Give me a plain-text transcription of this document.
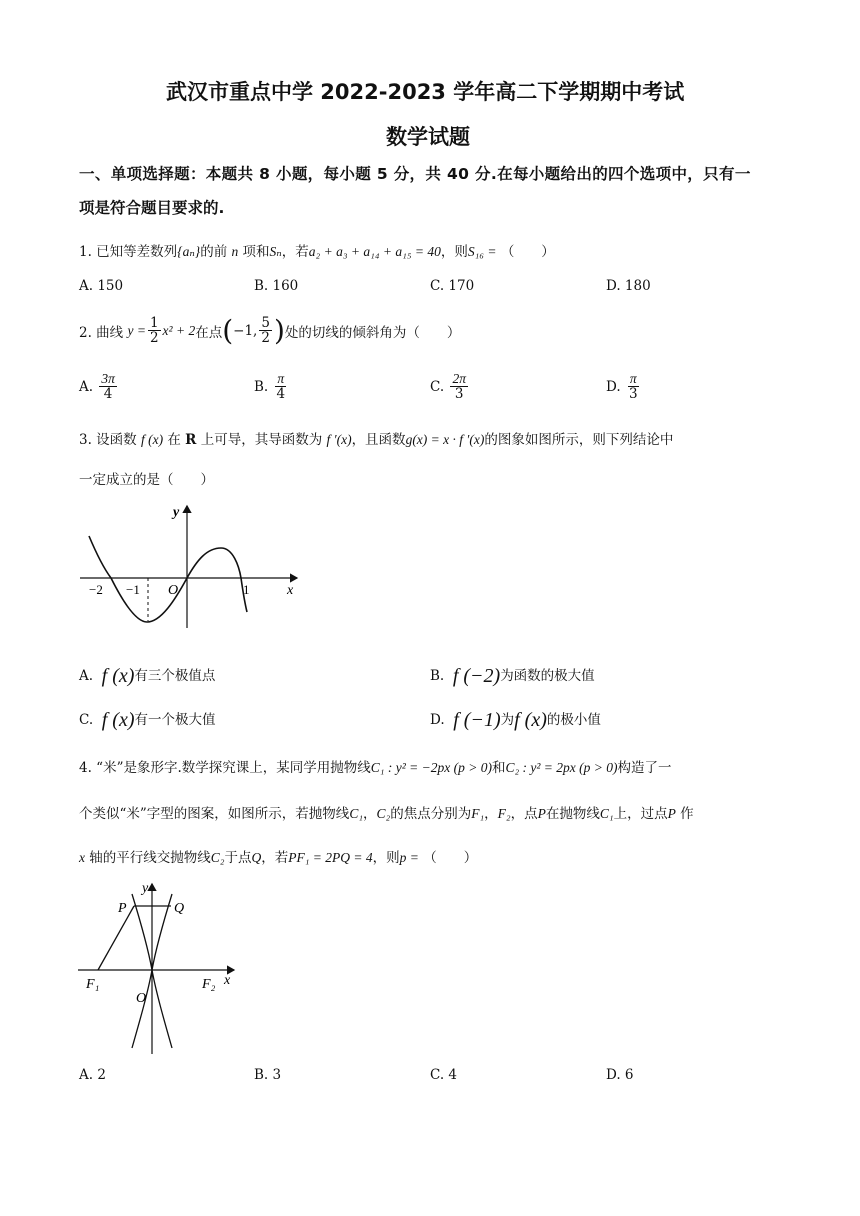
武汉市重点中学 2022-2023 学年高二下学期期中考试
数学试题
一、单项选择题：本题共 8 小题，每小题 5 分，共 40 分.在每小题给出的四个选项中，只有一
项是符合题目要求的.
1. 已知等差数列{aₙ}的前 n 项和Sₙ，若a₂ + a₃ + a₁₄ + a₁₅ = 40，则S₁₆ = （　　）
A. 150	B. 160	C. 170	D. 180
2. 曲线
$y = \frac{1}{2} x^2 + 2$ 在点 ( −1, 5
2 ) 处的切线的倾斜角为（　　）
A.

3π
4	B.

π
4	C.

2π
3	D.

π
3
3. 设函数 f (x) 在 R 上可导，其导函数为 f ′(x)，且函数g(x) = x · f ′(x)的图象如图所示，则下列结论中
一定成立的是（　　）
y
x
O
−2 −1	1
A. f (x)有三个极值点	B. f (−2)为函数的极大值
C. f (x)有一个极大值	D. f (−1)为f (x)的极小值
4. “米”是象形字.数学探究课上，某同学用抛物线C₁ : y² = −2px (p > 0)和C₂ : y² = 2px (p > 0)构造了一
个类似“米”字型的图案，如图所示，若抛物线C₁，C₂的焦点分别为F₁，F₂，点P在抛物线C₁上，过点P 作
x 轴的平行线交抛物线C₂于点Q，若PF₁ = 2PQ = 4，则p = （　　）
y
x
P	Q
O
F₁	F₂
A. 2	B. 3	C. 4	D. 6
